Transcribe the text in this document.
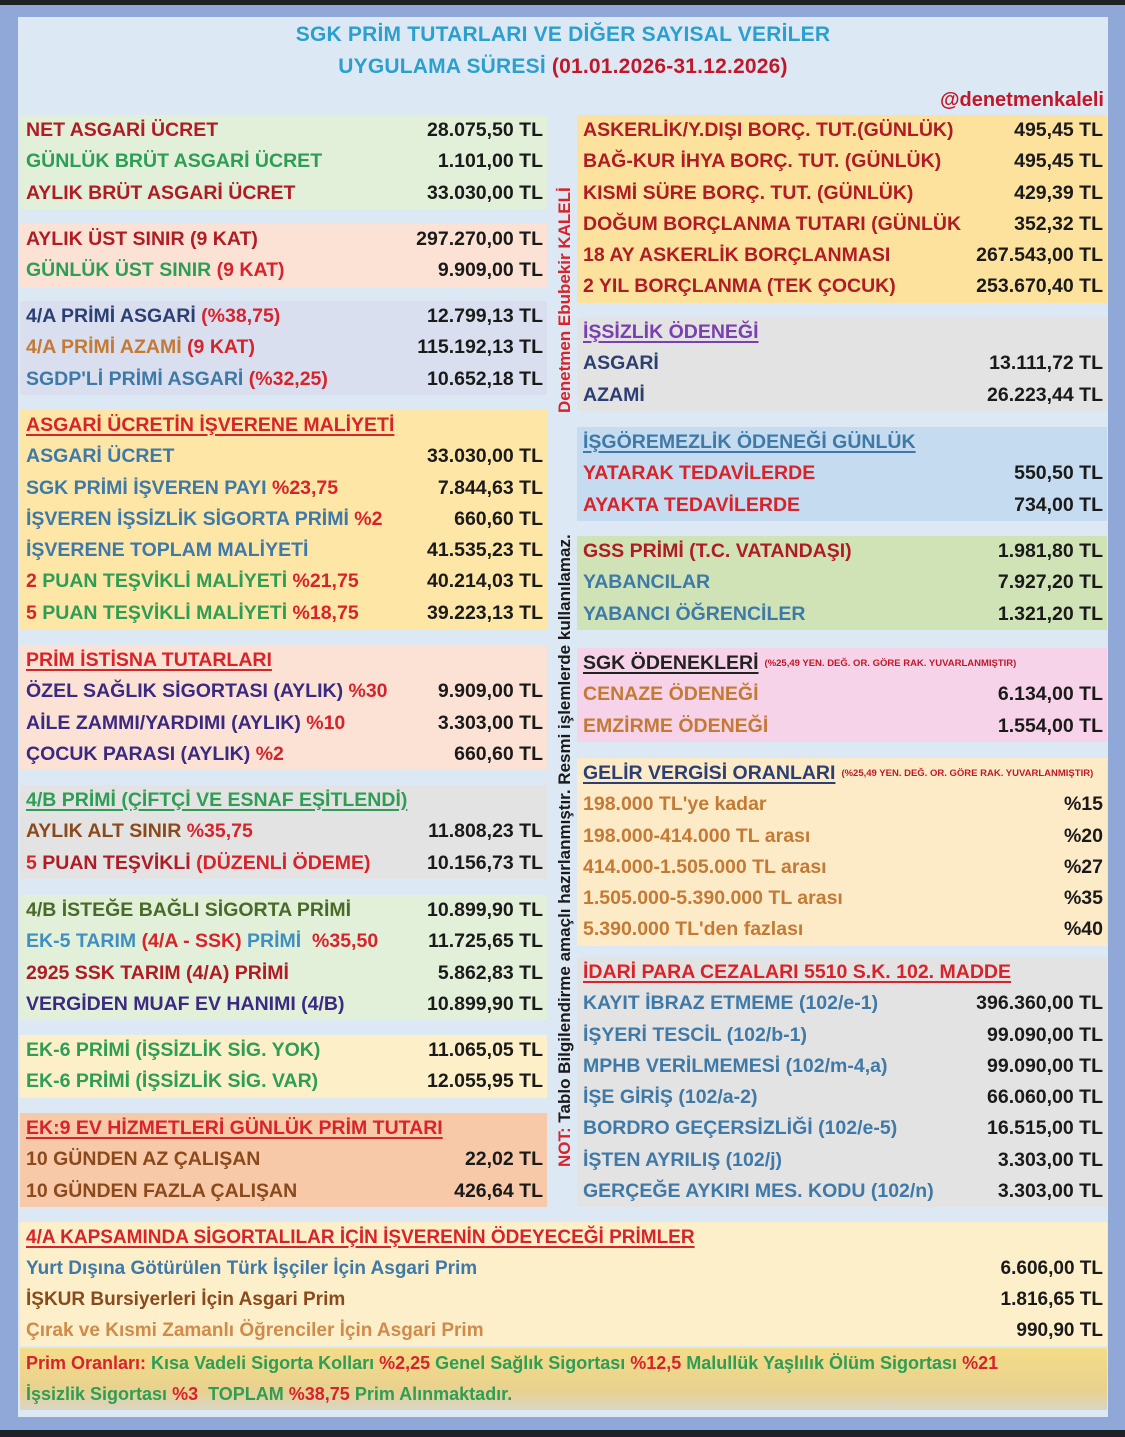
SGK PRİM TUTARLARI VE DİĞER SAYISAL VERİLER
UYGULAMA SÜRESİ (01.01.2026-31.12.2026)
@denetmenkaleli
NET ASGARİ ÜCRET	28.075,50 TL
GÜNLÜK BRÜT ASGARİ ÜCRET	1.101,00 TL
AYLIK BRÜT ASGARİ ÜCRET	33.030,00 TL
AYLIK ÜST SINIR (9 KAT)	297.270,00 TL
GÜNLÜK ÜST SINIR (9 KAT)	9.909,00 TL
4/A PRİMİ ASGARİ (%38,75)	12.799,13 TL
4/A PRİMİ AZAMİ (9 KAT)	115.192,13 TL
SGDP'Lİ PRİMİ ASGARİ (%32,25)	10.652,18 TL
ASGARİ ÜCRETİN İŞVERENE MALİYETİ
ASGARİ ÜCRET	33.030,00 TL
SGK PRİMİ İŞVEREN PAYI %23,75	7.844,63 TL
İŞVEREN İŞSİZLİK SİGORTA PRİMİ %2	660,60 TL
İŞVERENE TOPLAM MALİYETİ	41.535,23 TL
2 PUAN TEŞVİKLİ MALİYETİ %21,75	40.214,03 TL
5 PUAN TEŞVİKLİ MALİYETİ %18,75	39.223,13 TL
PRİM İSTİSNA TUTARLARI
ÖZEL SAĞLIK SİGORTASI (AYLIK) %30	9.909,00 TL
AİLE ZAMMI/YARDIMI (AYLIK) %10	3.303,00 TL
ÇOCUK PARASI (AYLIK) %2	660,60 TL
4/B PRİMİ (ÇİFTÇİ VE ESNAF EŞİTLENDİ)
AYLIK ALT SINIR %35,75	11.808,23 TL
5 PUAN TEŞVİKLİ (DÜZENLİ ÖDEME)	10.156,73 TL
4/B İSTEĞE BAĞLI SİGORTA PRİMİ	10.899,90 TL
EK-5 TARIM (4/A - SSK) PRİMİ  %35,50	11.725,65 TL
2925 SSK TARIM (4/A) PRİMİ	5.862,83 TL
VERGİDEN MUAF EV HANIMI (4/B)	10.899,90 TL
EK-6 PRİMİ (İŞSİZLİK SİG. YOK)	11.065,05 TL
EK-6 PRİMİ (İŞSİZLİK SİG. VAR)	12.055,95 TL
EK:9 EV HİZMETLERİ GÜNLÜK PRİM TUTARI
10 GÜNDEN AZ ÇALIŞAN	22,02 TL
10 GÜNDEN FAZLA ÇALIŞAN	426,64 TL
Denetmen Ebubekir KALELİ
NOT: Tablo Bilgilendirme amaçlı hazırlanmıştır. Resmi işlemlerde kullanılamaz.
ASKERLİK/Y.DIŞI BORÇ. TUT.(GÜNLÜK)	495,45 TL
BAĞ-KUR İHYA BORÇ. TUT. (GÜNLÜK)	495,45 TL
KISMİ SÜRE BORÇ. TUT. (GÜNLÜK)	429,39 TL
DOĞUM BORÇLANMA TUTARI (GÜNLÜK	352,32 TL
18 AY ASKERLİK BORÇLANMASI	267.543,00 TL
2 YIL BORÇLANMA (TEK ÇOCUK)	253.670,40 TL
İŞSİZLİK ÖDENEĞİ
ASGARİ	13.111,72 TL
AZAMİ	26.223,44 TL
İŞGÖREMEZLİK ÖDENEĞİ GÜNLÜK
YATARAK TEDAVİLERDE	550,50 TL
AYAKTA TEDAVİLERDE	734,00 TL
GSS PRİMİ (T.C. VATANDAŞI)	1.981,80 TL
YABANCILAR	7.927,20 TL
YABANCI ÖĞRENCİLER	1.321,20 TL
SGK ÖDENEKLERİ (%25,49 YEN. DEĞ. OR. GÖRE RAK. YUVARLANMIŞTIR)
CENAZE ÖDENEĞİ	6.134,00 TL
EMZİRME ÖDENEĞİ	1.554,00 TL
GELİR VERGİSİ ORANLARI (%25,49 YEN. DEĞ. OR. GÖRE RAK. YUVARLANMIŞTIR)
198.000 TL'ye kadar	%15
198.000-414.000 TL arası	%20
414.000-1.505.000 TL arası	%27
1.505.000-5.390.000 TL arası	%35
5.390.000 TL'den fazlası	%40
İDARİ PARA CEZALARI 5510 S.K. 102. MADDE
KAYIT İBRAZ ETMEME (102/e-1)	396.360,00 TL
İŞYERİ TESCİL (102/b-1)	99.090,00 TL
MPHB VERİLMEMESİ (102/m-4,a)	99.090,00 TL
İŞE GİRİŞ (102/a-2)	66.060,00 TL
BORDRO GEÇERSİZLİĞİ (102/e-5)	16.515,00 TL
İŞTEN AYRILIŞ (102/j)	3.303,00 TL
GERÇEĞE AYKIRI MES. KODU (102/n)	3.303,00 TL
4/A KAPSAMINDA SİGORTALILAR İÇİN İŞVERENİN ÖDEYECEĞİ PRİMLER
Yurt Dışına Götürülen Türk İşçiler İçin Asgari Prim	6.606,00 TL
İŞKUR Bursiyerleri İçin Asgari Prim	1.816,65 TL
Çırak ve Kısmi Zamanlı Öğrenciler İçin Asgari Prim	990,90 TL
Prim Oranları: Kısa Vadeli Sigorta Kolları %2,25 Genel Sağlık Sigortası %12,5 Malullük Yaşlılık Ölüm Sigortası %21
İşsizlik Sigortası %3  TOPLAM %38,75 Prim Alınmaktadır.
